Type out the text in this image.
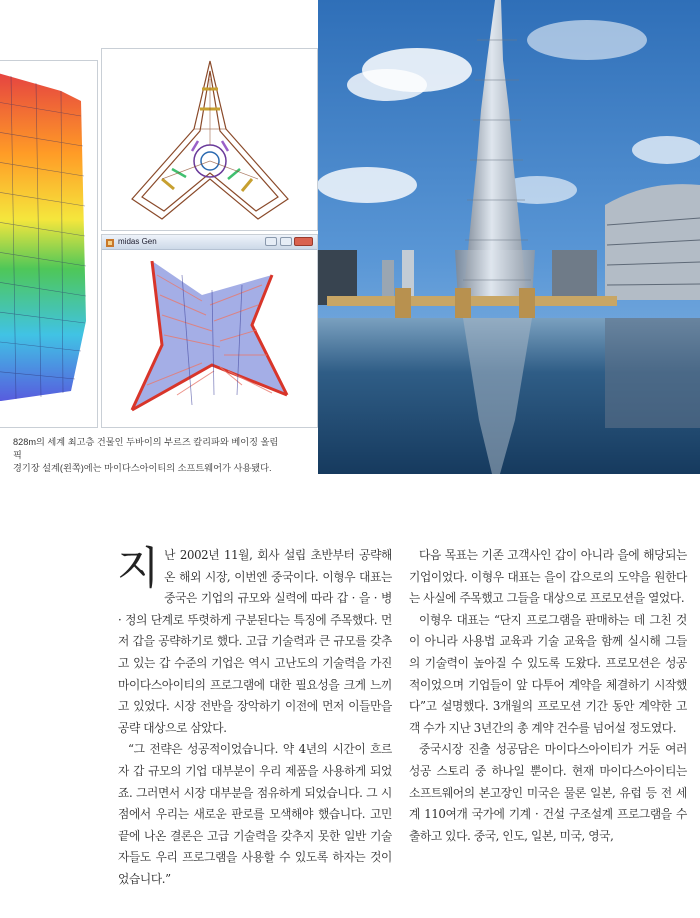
midas Gen
828m의 세계 최고층 건물인 두바이의 부르즈 칼리파와 베이징 올림픽
경기장 설계(왼쪽)에는 마이다스아이티의 소프트웨어가 사용됐다.

지난 2002년 11월, 회사 설립 초반부터 공략해온 해외 시장, 이번엔 중국이다. 이형우 대표는 중국은 기업의 규모와 실력에 따라 갑 · 을 · 병 · 정의 단계로 뚜렷하게 구분된다는 특징에 주목했다. 먼저 갑을 공략하기로 했다. 고급 기술력과 큰 규모를 갖추고 있는 갑 수준의 기업은 역시 고난도의 기술력을 가진 마이다스아이티의 프로그램에 대한 필요성을 크게 느끼고 있었다. 시장 전반을 장악하기 이전에 먼저 이들만을 공략 대상으로 삼았다.

“그 전략은 성공적이었습니다. 약 4년의 시간이 흐르자 갑 규모의 기업 대부분이 우리 제품을 사용하게 되었죠. 그러면서 시장 대부분을 점유하게 되었습니다. 그 시점에서 우리는 새로운 판로를 모색해야 했습니다. 고민 끝에 나온 결론은 고급 기술력을 갖추지 못한 일반 기술자들도 우리 프로그램을 사용할 수 있도록 하자는 것이었습니다.”

다음 목표는 기존 고객사인 갑이 아니라 을에 해당되는 기업이었다. 이형우 대표는 을이 갑으로의 도약을 원한다는 사실에 주목했고 그들을 대상으로 프로모션을 열었다.

이형우 대표는 “단지 프로그램을 판매하는 데 그친 것이 아니라 사용법 교육과 기술 교육을 함께 실시해 그들의 기술력이 높아질 수 있도록 도왔다. 프로모션은 성공적이었으며 기업들이 앞 다투어 계약을 체결하기 시작했다”고 설명했다. 3개월의 프로모션 기간 동안 계약한 고객 수가 지난 3년간의 총 계약 건수를 넘어설 정도였다.

중국시장 진출 성공담은 마이다스아이티가 거둔 여러 성공 스토리 중 하나일 뿐이다. 현재 마이다스아이티는 소프트웨어의 본고장인 미국은 물론 일본, 유럽 등 전 세계 110여개 국가에 기계 · 건설 구조설계 프로그램을 수출하고 있다. 중국, 인도, 일본, 미국, 영국,
